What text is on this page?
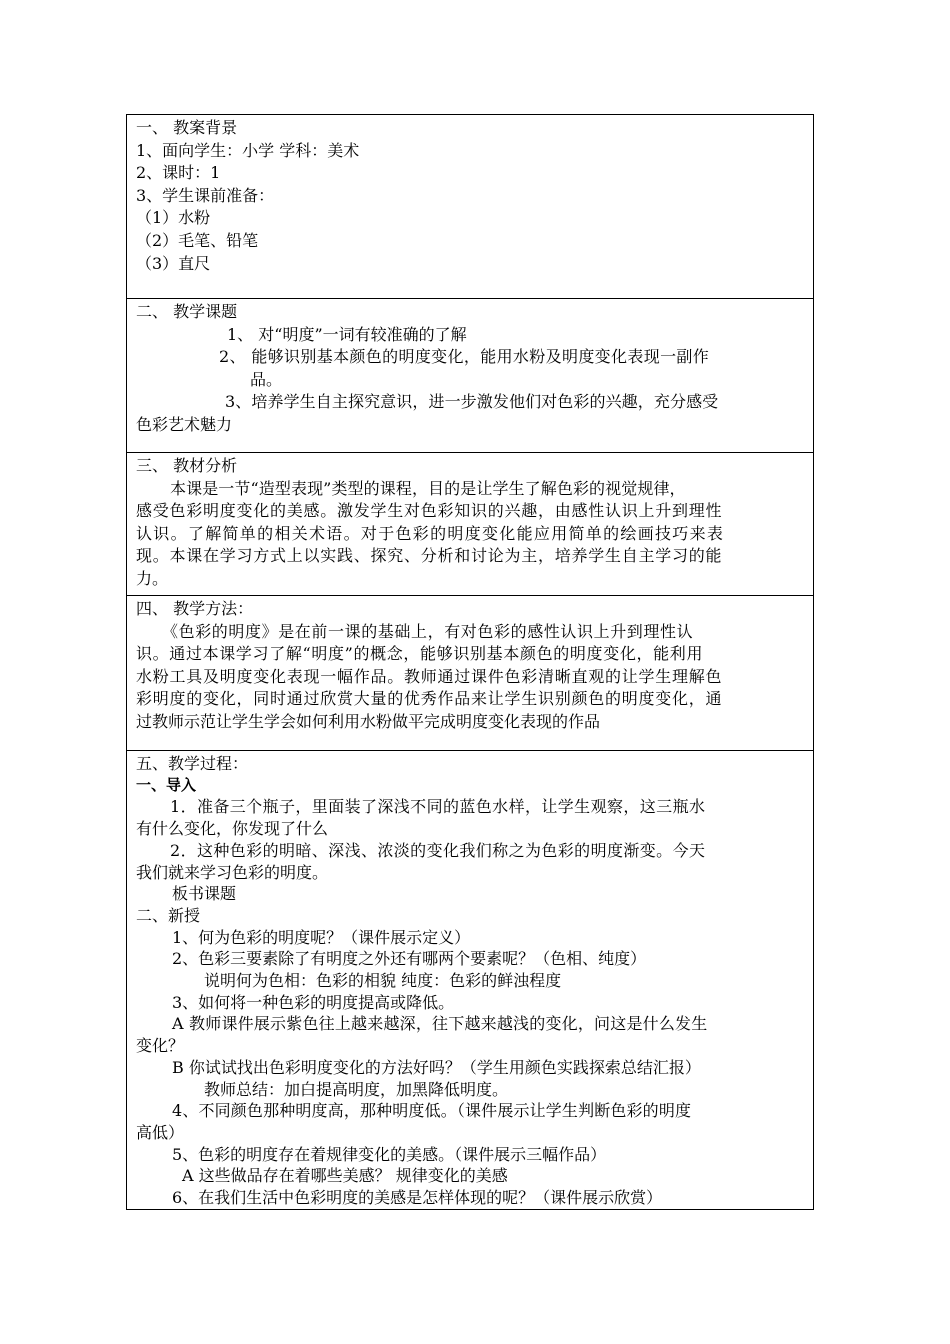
一、 教案背景
1、面向学生：小学 学科：美术
2、课时：1
3、学生课前准备：
（1）水粉
（2）毛笔、铅笔
（3）直尺
二、 教学课题
1、 对“明度”一词有较准确的了解
2、 能够识别基本颜色的明度变化，能用水粉及明度变化表现一副作
品。
3、培养学生自主探究意识，进一步激发他们对色彩的兴趣，充分感受
色彩艺术魅力
三、 教材分析
本课是一节“造型表现”类型的课程，目的是让学生了解色彩的视觉规律，
感受色彩明度变化的美感。激发学生对色彩知识的兴趣，由感性认识上升到理性
认识。了解简单的相关术语。对于色彩的明度变化能应用简单的绘画技巧来表
现。本课在学习方式上以实践、探究、分析和讨论为主，培养学生自主学习的能
力。
四、 教学方法：
《色彩的明度》是在前一课的基础上，有对色彩的感性认识上升到理性认
识。通过本课学习了解“明度”的概念，能够识别基本颜色的明度变化，能利用
水粉工具及明度变化表现一幅作品。教师通过课件色彩清晰直观的让学生理解色
彩明度的变化，同时通过欣赏大量的优秀作品来让学生识别颜色的明度变化，通
过教师示范让学生学会如何利用水粉做平完成明度变化表现的作品
五、教学过程：
一、导入
1．准备三个瓶子，里面装了深浅不同的蓝色水样，让学生观察，这三瓶水
有什么变化，你发现了什么
2．这种色彩的明暗、深浅、浓淡的变化我们称之为色彩的明度渐变。今天
我们就来学习色彩的明度。
板书课题
二、新授
1、何为色彩的明度呢？（课件展示定义）
2、色彩三要素除了有明度之外还有哪两个要素呢？（色相、纯度）
说明何为色相：色彩的相貌 纯度：色彩的鲜浊程度
3、如何将一种色彩的明度提高或降低。
A 教师课件展示紫色往上越来越深，往下越来越浅的变化，问这是什么发生
变化？
B 你试试找出色彩明度变化的方法好吗？（学生用颜色实践探索总结汇报）
教师总结：加白提高明度，加黑降低明度。
4、不同颜色那种明度高，那种明度低。（课件展示让学生判断色彩的明度
高低）
5、色彩的明度存在着规律变化的美感。（课件展示三幅作品）
A 这些做品存在着哪些美感？ 规律变化的美感
6、在我们生活中色彩明度的美感是怎样体现的呢？（课件展示欣赏）
